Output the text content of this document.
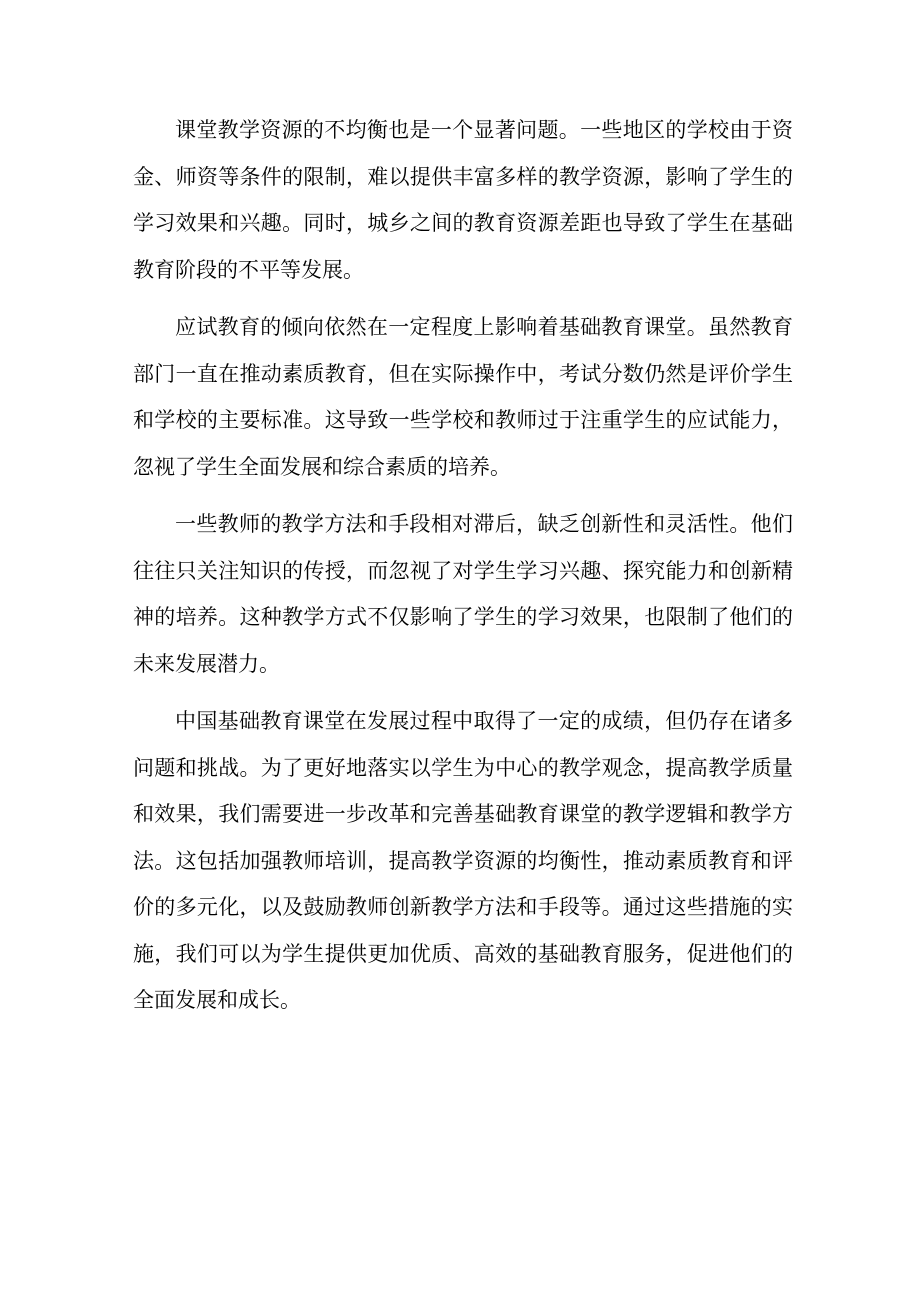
课堂教学资源的不均衡也是一个显著问题。一些地区的学校由于资金、师资等条件的限制，难以提供丰富多样的教学资源，影响了学生的学习效果和兴趣。同时，城乡之间的教育资源差距也导致了学生在基础教育阶段的不平等发展。

应试教育的倾向依然在一定程度上影响着基础教育课堂。虽然教育部门一直在推动素质教育，但在实际操作中，考试分数仍然是评价学生和学校的主要标准。这导致一些学校和教师过于注重学生的应试能力，忽视了学生全面发展和综合素质的培养。

一些教师的教学方法和手段相对滞后，缺乏创新性和灵活性。他们往往只关注知识的传授，而忽视了对学生学习兴趣、探究能力和创新精神的培养。这种教学方式不仅影响了学生的学习效果，也限制了他们的未来发展潜力。

中国基础教育课堂在发展过程中取得了一定的成绩，但仍存在诸多问题和挑战。为了更好地落实以学生为中心的教学观念，提高教学质量和效果，我们需要进一步改革和完善基础教育课堂的教学逻辑和教学方法。这包括加强教师培训，提高教学资源的均衡性，推动素质教育和评价的多元化，以及鼓励教师创新教学方法和手段等。通过这些措施的实施，我们可以为学生提供更加优质、高效的基础教育服务，促进他们的全面发展和成长。
